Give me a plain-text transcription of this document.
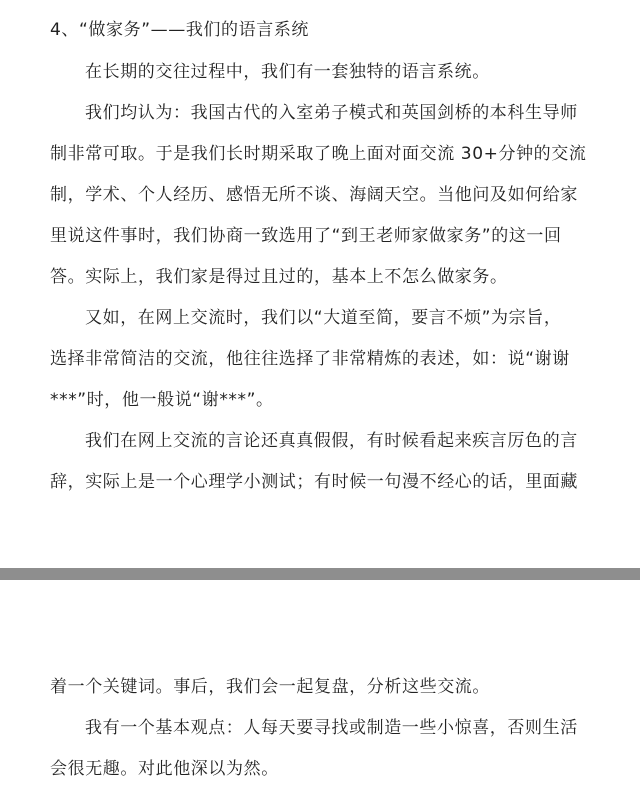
4、“做家务”——我们的语言系统
在长期的交往过程中，我们有一套独特的语言系统。
我们均认为：我国古代的入室弟子模式和英国剑桥的本科生导师
制非常可取。于是我们长时期采取了晚上面对面交流 30+分钟的交流
制，学术、个人经历、感悟无所不谈、海阔天空。当他问及如何给家
里说这件事时，我们协商一致选用了“到王老师家做家务”的这一回
答。实际上，我们家是得过且过的，基本上不怎么做家务。
又如，在网上交流时，我们以“大道至简，要言不烦”为宗旨，
选择非常简洁的交流，他往往选择了非常精炼的表述，如：说“谢谢
***”时，他一般说“谢***”。
我们在网上交流的言论还真真假假，有时候看起来疾言厉色的言
辞，实际上是一个心理学小测试；有时候一句漫不经心的话，里面藏
着一个关键词。事后，我们会一起复盘，分析这些交流。
我有一个基本观点：人每天要寻找或制造一些小惊喜，否则生活
会很无趣。对此他深以为然。
